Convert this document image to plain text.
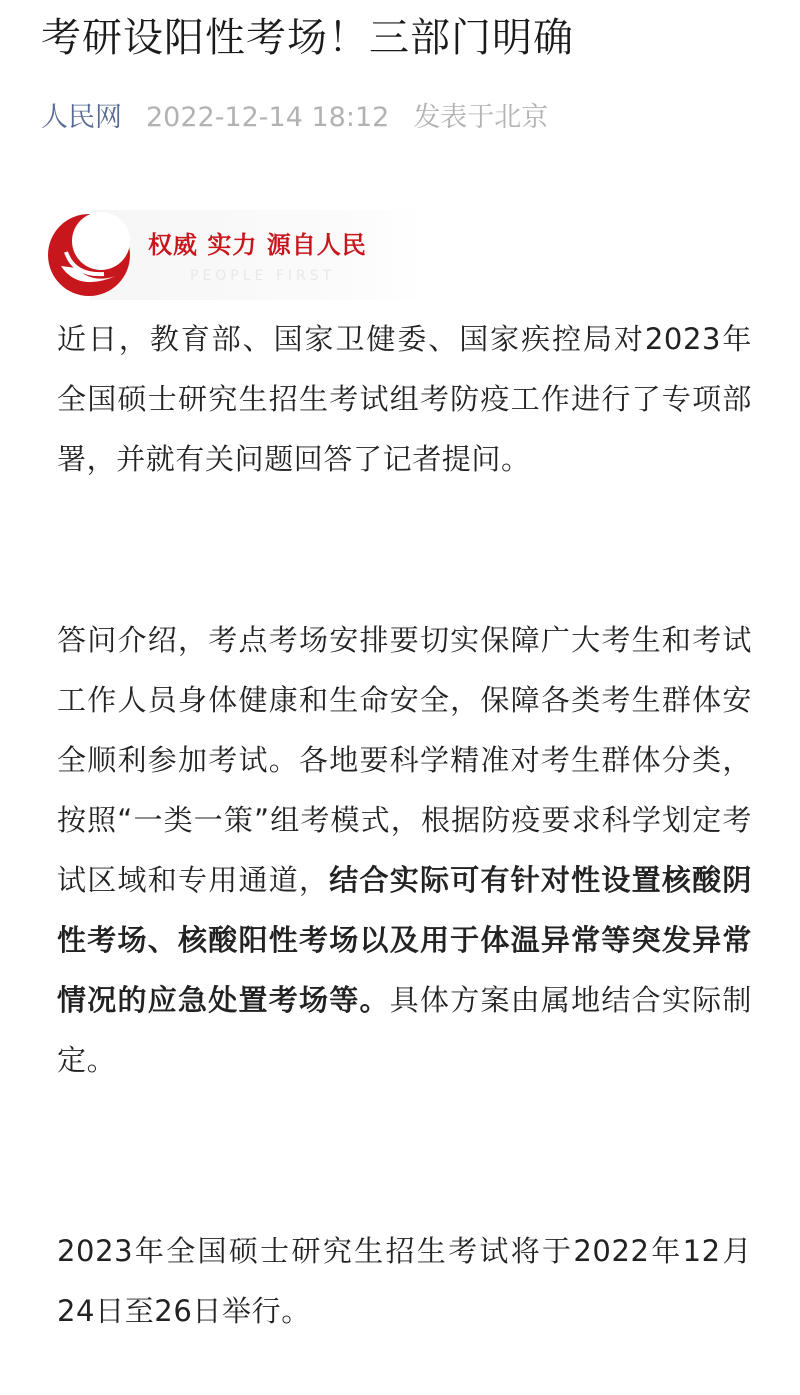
考研设阳性考场！三部门明确
人民网 2022-12-14 18:12 发表于北京
权威 实力 源自人民
PEOPLE FIRST

近日，教育部、国家卫健委、国家疾控局对2023年全国硕士研究生招生考试组考防疫工作进行了专项部署，并就有关问题回答了记者提问。

答问介绍，考点考场安排要切实保障广大考生和考试工作人员身体健康和生命安全，保障各类考生群体安全顺利参加考试。各地要科学精准对考生群体分类，按照“一类一策”组考模式，根据防疫要求科学划定考试区域和专用通道，结合实际可有针对性设置核酸阴性考场、核酸阳性考场以及用于体温异常等突发异常情况的应急处置考场等。具体方案由属地结合实际制定。

2023年全国硕士研究生招生考试将于2022年12月24日至26日举行。
